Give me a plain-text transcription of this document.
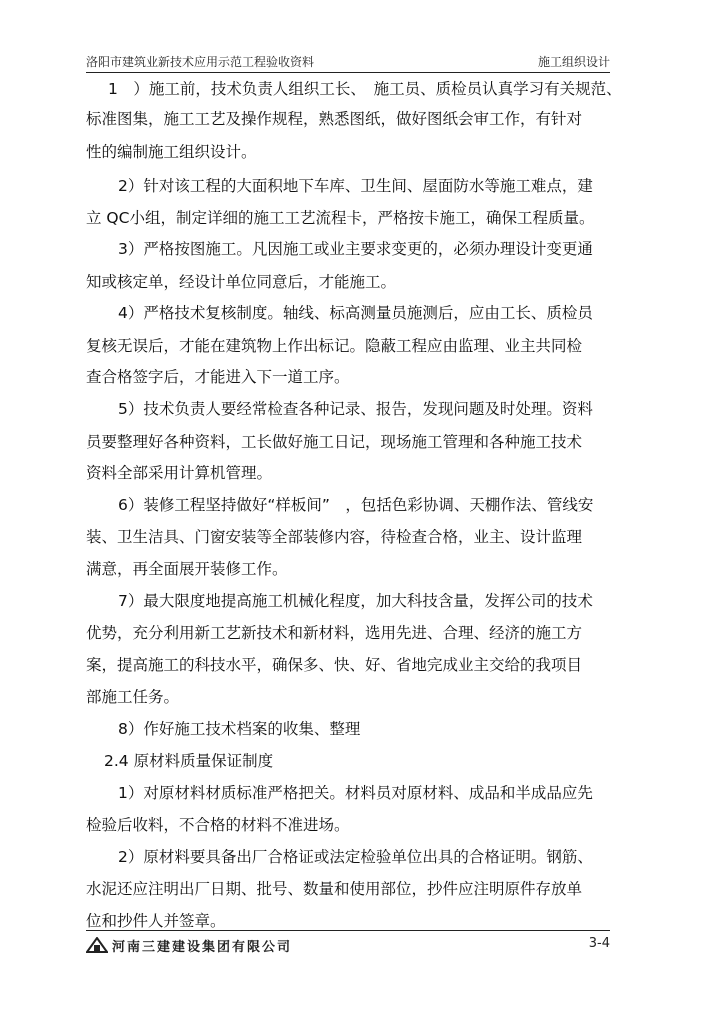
洛阳市建筑业新技术应用示范工程验收资料	施工组织设计
1　）施工前，技术负责人组织工长、　施工员、质检员认真学习有关规范、
标准图集，施工工艺及操作规程，熟悉图纸，做好图纸会审工作，有针对
性的编制施工组织设计。
2）针对该工程的大面积地下车库、卫生间、屋面防水等施工难点，建
立 QC小组，制定详细的施工工艺流程卡，严格按卡施工，确保工程质量。
3）严格按图施工。凡因施工或业主要求变更的，必须办理设计变更通
知或核定单，经设计单位同意后，才能施工。
4）严格技术复核制度。轴线、标高测量员施测后，应由工长、质检员
复核无误后，才能在建筑物上作出标记。隐蔽工程应由监理、业主共同检
查合格签字后，才能进入下一道工序。
5）技术负责人要经常检查各种记录、报告，发现问题及时处理。资料
员要整理好各种资料，工长做好施工日记，现场施工管理和各种施工技术
资料全部采用计算机管理。
6）装修工程坚持做好“样板间”　，包括色彩协调、天棚作法、管线安
装、卫生洁具、门窗安装等全部装修内容，待检查合格，业主、设计监理
满意，再全面展开装修工作。
7）最大限度地提高施工机械化程度，加大科技含量，发挥公司的技术
优势，充分利用新工艺新技术和新材料，选用先进、合理、经济的施工方
案，提高施工的科技水平，确保多、快、好、省地完成业主交给的我项目
部施工任务。
8）作好施工技术档案的收集、整理
2.4 原材料质量保证制度
1）对原材料材质标准严格把关。材料员对原材料、成品和半成品应先
检验后收料，不合格的材料不准进场。
2）原材料要具备出厂合格证或法定检验单位出具的合格证明。钢筋、
水泥还应注明出厂日期、批号、数量和使用部位，抄件应注明原件存放单
位和抄件人并签章。
河南三建建设集团有限公司	3-4
